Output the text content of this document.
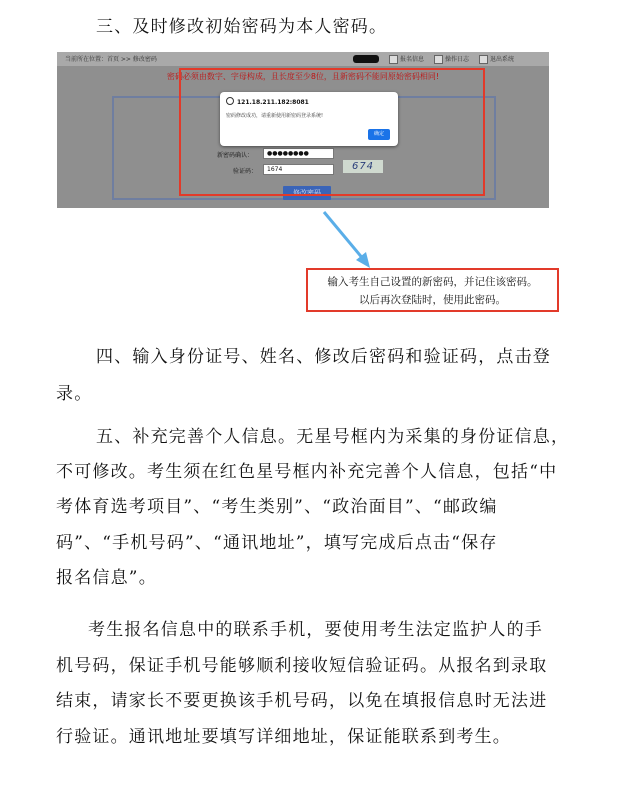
三、及时修改初始密码为本人密码。
当前所在位置：首页 >> 修改密码	报名信息	操作日志	退出系统
密码必须由数字、字母构成，且长度至少8位，且新密码不能同原始密码相同!
新密码确认：	●●●●●●●●
验证码：	1674	674
修改密码
121.18.211.182:8081
密码修改成功，请重新使用新密码登录系统!
确定
输入考生自己设置的新密码，并记住该密码。
以后再次登陆时，使用此密码。
四、输入身份证号、姓名、修改后密码和验证码，点击登
录。
五、补充完善个人信息。无星号框内为采集的身份证信息，
不可修改。考生须在红色星号框内补充完善个人信息，包括“中
考体育选考项目”、“考生类别”、“政治面目”、“邮政编
码”、“手机号码”、“通讯地址”，填写完成后点击“保存
报名信息”。
考生报名信息中的联系手机，要使用考生法定监护人的手
机号码，保证手机号能够顺利接收短信验证码。从报名到录取
结束，请家长不要更换该手机号码，以免在填报信息时无法进
行验证。通讯地址要填写详细地址，保证能联系到考生。
